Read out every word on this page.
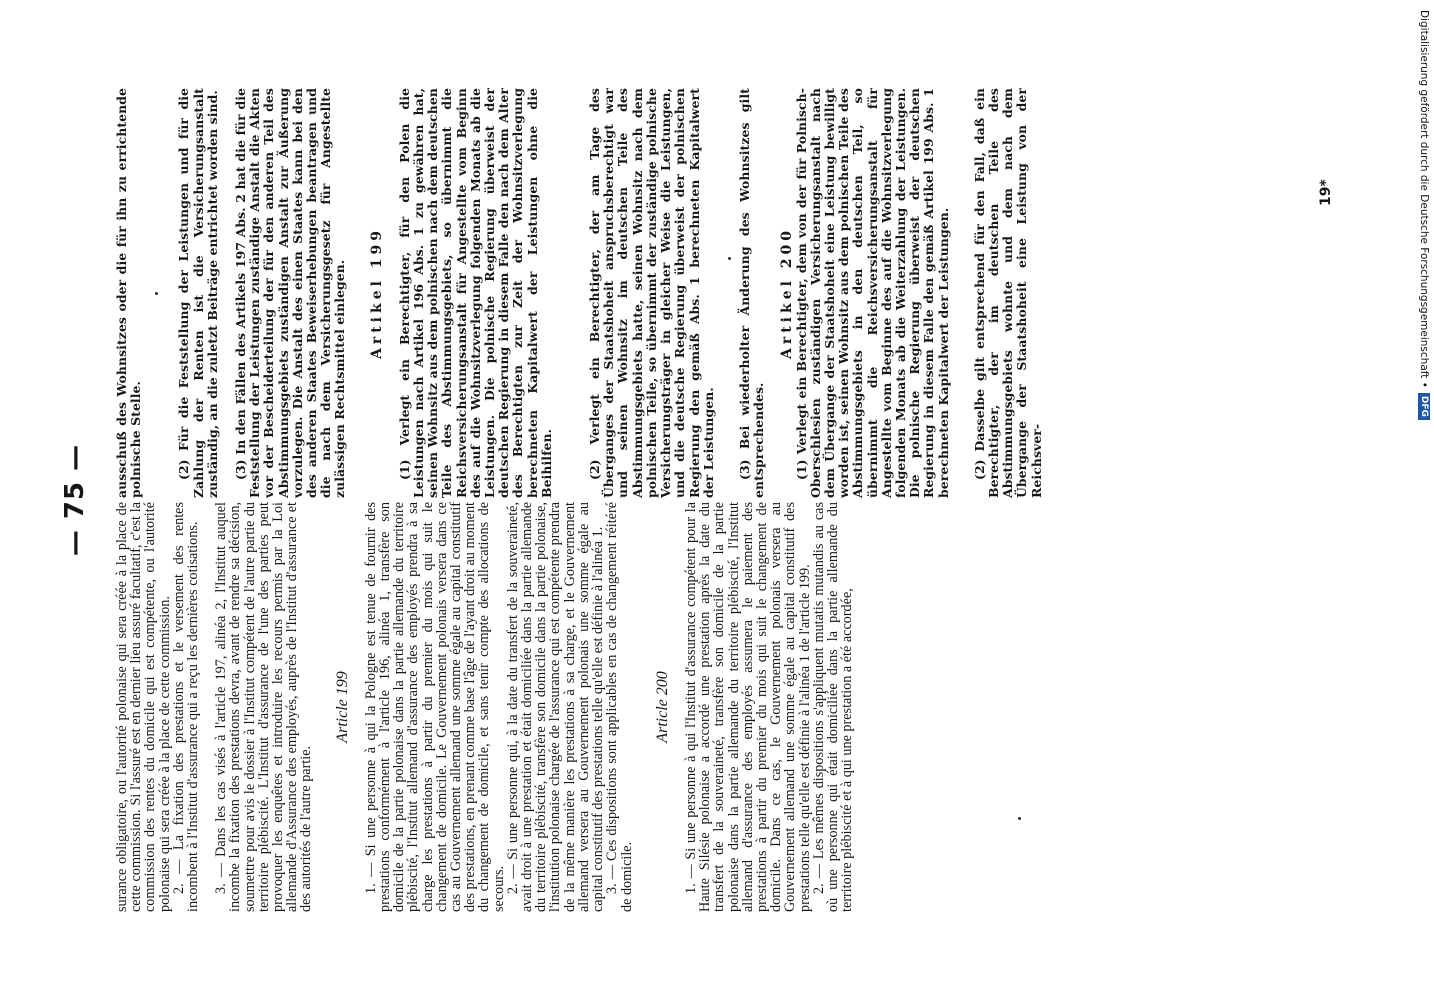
— 75 —

surance obligatoire, ou l'autorité polonaise qui sera créée à la place de cette commission. Si l'assuré est en dernier lieu assuré facultatif, c'est la commission des rentes du domicile qui est compétente, ou l'autorité polonaise qui sera créée à la place de cette commission.

2. — La fixation des prestations et le versement des rentes incombent à l'Institut d'assurance qui a reçu les dernières cotisations. 3. — Dans les cas visés à l'article 197, alinéa 2, l'Institut auquel incombe la fixation des prestations devra, avant de rendre sa décision, soumettre pour avis le dossier à l'Institut compétent de l'autre partie du territoire plébiscité. L'Institut d'assurance de l'une des parties peut provoquer les enquêtes et introduire les recours permis par la Loi allemande d'Assurance des employés, auprès de l'Institut d'assurance et des autorités de l'autre partie.

Article 199 1. — Si une personne à qui la Pologne est tenue de fournir des prestations conformément à l'article 196, alinéa 1, transfère son domicile de la partie polonaise dans la partie allemande du territoire plébiscité, l'Institut allemand d'assurance des employés prendra à sa charge les prestations à partir du premier du mois qui suit le changement de domicile. Le Gouvernement polonais versera dans ce cas au Gouvernement allemand une somme égale au capital constitutif des prestations, en prenant comme base l'âge de l'ayant droit au moment du changement de domicile, et sans tenir compte des allocations de secours.

2. — Si une personne qui, à la date du transfert de la souveraineté, avait droit à une prestation et était domiciliée dans la partie allemande du territoire plébiscité, transfère son domicile dans la partie polonaise, l'institution polonaise chargée de l'assurance qui est compétente prendra de la même manière les prestations à sa charge, et le Gouvernement allemand versera au Gouvernement polonais une somme égale au capital constitutif des prestations telle qu'elle est définie à l'alinéa 1.

3. — Ces dispositions sont applicables en cas de changement réitéré de domicile.

Article 200 1. — Si une personne à qui l'Institut d'assurance compétent pour la Haute Silésie polonaise a accordé une prestation après la date du transfert de la souveraineté, transfère son domicile de la partie polonaise dans la partie allemande du territoire plébiscité, l'Institut allemand d'assurance des employés assumera le paiement des prestations à partir du premier du mois qui suit le changement de domicile. Dans ce cas, le Gouvernement polonais versera au Gouvernement allemand une somme égale au capital constitutif des prestations telle qu'elle est définie à l'alinéa 1 de l'article 199.

2. — Les mêmes dispositions s'appliquent mutatis mutandis au cas où une personne qui était domiciliée dans la partie allemande du territoire plébiscité et à qui une prestation a été accordée,

ausschuß des Wohnsitzes oder die für ihn zu errichtende polnische Stelle.	(2) Für die Feststellung der Leistungen und für die Zahlung der Renten ist die Versicherungsanstalt zuständig, an die zuletzt Beiträge entrichtet worden sind. (3) In den Fällen des Artikels 197 Abs. 2 hat die für die Feststellung der Leistungen zuständige Anstalt die Akten vor der Bescheiderteilung der für den anderen Teil des Abstimmungsgebiets zuständigen Anstalt zur Äußerung vorzulegen. Die Anstalt des einen Staates kann bei den des anderen Staates Beweiserhebungen beantragen und die nach dem Versicherungsgesetz für Angestellte zulässigen Rechtsmittel einlegen. Artikel 199 (1) Verlegt ein Berechtigter, für den Polen die Leistungen nach Artikel 196 Abs. 1 zu gewähren hat, seinen Wohnsitz aus dem polnischen nach dem deutschen Teile des Abstimmungsgebiets, so übernimmt die Reichsversicherungsanstalt für Angestellte vom Beginn des auf die Wohnsitzverlegung folgenden Monats ab die Leistungen. Die polnische Regierung überweist der deutschen Regierung in diesem Falle den nach dem Alter des Berechtigten zur Zeit der Wohnsitzverlegung berechneten Kapitalwert der Leistungen ohne die Beihilfen.	(2) Verlegt ein Berechtigter, der am Tage des Überganges der Staatshoheit anspruchsberechtigt war und seinen Wohnsitz im deutschen Teile des Abstimmungsgebiets hatte, seinen Wohnsitz nach dem polnischen Teile, so übernimmt der zuständige polnische Versicherungsträger in gleicher Weise die Leistungen, und die deutsche Regierung überweist der polnischen Regierung den gemäß Abs. 1 berechneten Kapitalwert der Leistungen. (3) Bei wiederholter Änderung des Wohnsitzes gilt entsprechendes.

Artikel 200

(1) Verlegt ein Berechtigter, dem von der für Polnisch-Oberschlesien zuständigen Versicherungsanstalt nach dem Übergange der Staatshoheit eine Leistung bewilligt worden ist, seinen Wohnsitz aus dem polnischen Teile des Abstimmungsgebiets in den deutschen Teil, so übernimmt die Reichsversicherungsanstalt für Angestellte vom Beginne des auf die Wohnsitzverlegung folgenden Monats ab die Weiterzahlung der Leistungen. Die polnische Regierung überweist der deutschen Regierung in diesem Falle den gemäß Artikel 199 Abs. 1 berechneten Kapitalwert der Leistungen. (2) Dasselbe gilt entsprechend für den Fall, daß ein Berechtigter, der im deutschen Teile des Abstimmungsgebiets wohnte und dem nach dem Übergange der Staatshoheit eine Leistung von der Reichsver-

19*	Digitalisierung gefördert durch die Deutsche Forschungsgemeinschaft •DFG
